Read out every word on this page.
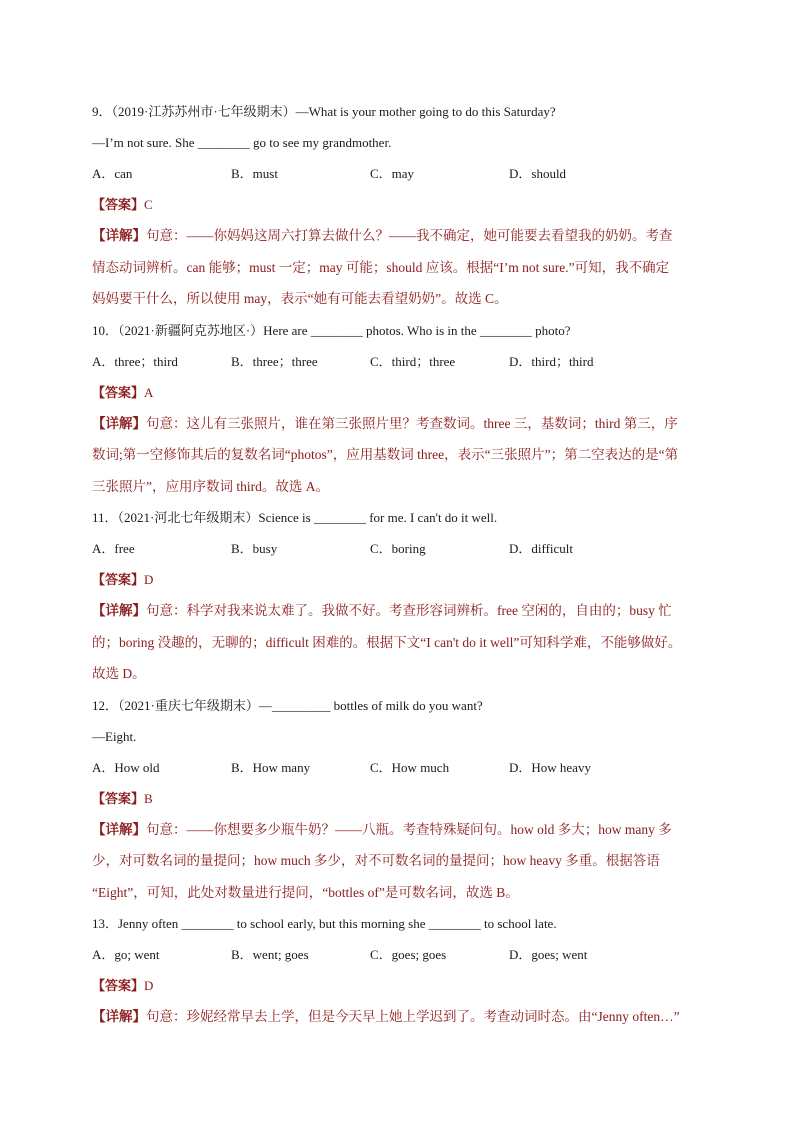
9．（2019·江苏苏州市·七年级期末）—What is your mother going to do this Saturday?
—I’m not sure. She ________ go to see my grandmother.
A．can	B．must	C．may	D．should
【答案】C

【详解】句意：——你妈妈这周六打算去做什么？——我不确定，她可能要去看望我的奶奶。考查

情态动词辨析。can 能够；must 一定；may 可能；should 应该。根据“I’m not sure.”可知，我不确定

妈妈要干什么，所以使用 may，表示“她有可能去看望奶奶”。故选 C。

10．（2021·新疆阿克苏地区·）Here are ________ photos. Who is in the ________ photo?
A．three；third	B．three；three	C．third；three	D．third；third
【答案】A

【详解】句意：这儿有三张照片，谁在第三张照片里？考查数词。three 三，基数词；third 第三，序

数词;第一空修饰其后的复数名词“photos”，应用基数词 three，表示“三张照片”；第二空表达的是“第

三张照片”，应用序数词 third。故选 A。

11．（2021·河北七年级期末）Science is ________ for me. I can't do it well.
A．free	B．busy	C．boring	D．difficult
【答案】D

【详解】句意：科学对我来说太难了。我做不好。考查形容词辨析。free 空闲的，自由的；busy 忙

的；boring 没趣的，无聊的；difficult 困难的。根据下文“I can't do it well”可知科学难，不能够做好。

故选 D。

12．（2021·重庆七年级期末）—_________ bottles of milk do you want?
—Eight.
A．How old	B．How many	C．How much	D．How heavy
【答案】B

【详解】句意：——你想要多少瓶牛奶？——八瓶。考查特殊疑问句。how old 多大；how many 多

少，对可数名词的量提问；how much 多少，对不可数名词的量提问；how heavy 多重。根据答语

“Eight”，可知，此处对数量进行提问，“bottles of”是可数名词，故选 B。

13．Jenny often ________ to school early, but this morning she ________ to school late.
A．go; went	B．went; goes	C．goes; goes	D．goes; went
【答案】D

【详解】句意：珍妮经常早去上学，但是今天早上她上学迟到了。考查动词时态。由“Jenny often…”
